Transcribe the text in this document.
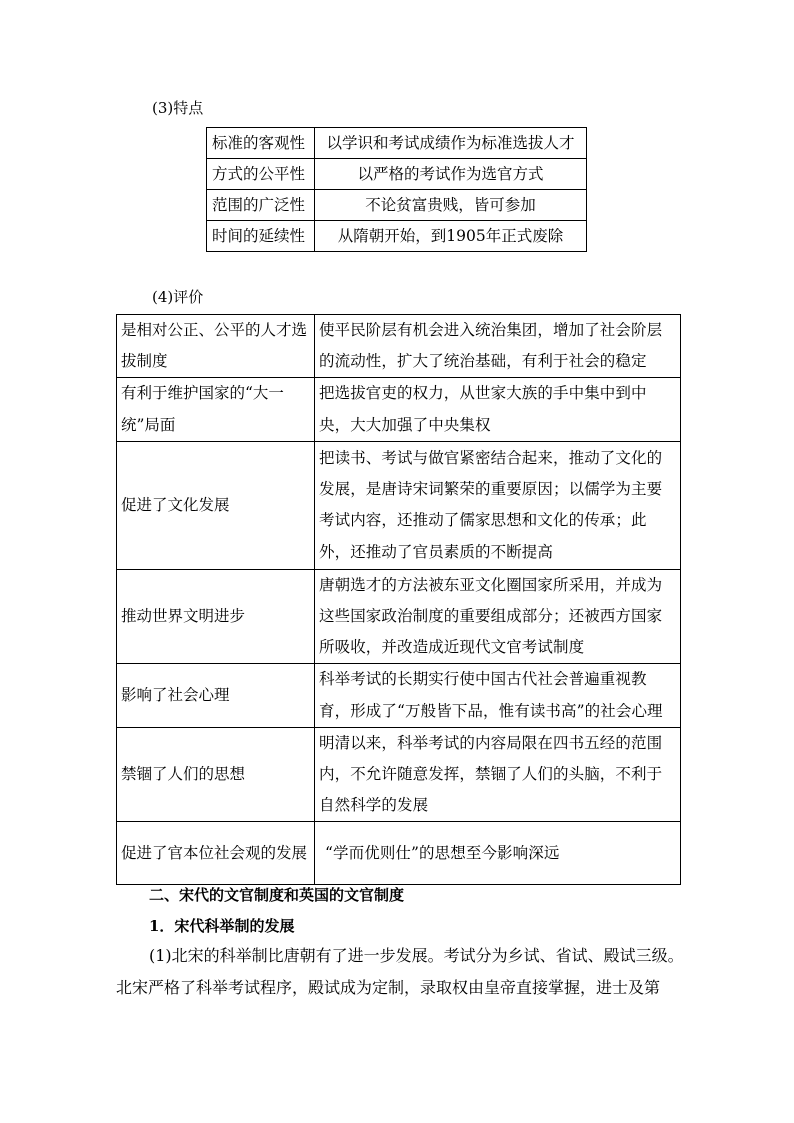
(3)特点
标准的客观性	以学识和考试成绩作为标准选拔人才
方式的公平性	以严格的考试作为选官方式
范围的广泛性	不论贫富贵贱，皆可参加
时间的延续性	从隋朝开始，到1905年正式废除
(4)评价
是相对公正、公平的人才选拔制度	使平民阶层有机会进入统治集团，增加了社会阶层的流动性，扩大了统治基础，有利于社会的稳定
有利于维护国家的“大一统”局面	把选拔官吏的权力，从世家大族的手中集中到中央，大大加强了中央集权
促进了文化发展	把读书、考试与做官紧密结合起来，推动了文化的发展，是唐诗宋词繁荣的重要原因；以儒学为主要考试内容，还推动了儒家思想和文化的传承；此外，还推动了官员素质的不断提高
推动世界文明进步	唐朝选才的方法被东亚文化圈国家所采用，并成为这些国家政治制度的重要组成部分；还被西方国家所吸收，并改造成近现代文官考试制度
影响了社会心理	科举考试的长期实行使中国古代社会普遍重视教育，形成了“万般皆下品，惟有读书高”的社会心理
禁锢了人们的思想	明清以来，科举考试的内容局限在四书五经的范围内，不允许随意发挥，禁锢了人们的头脑，不利于自然科学的发展
促进了官本位社会观的发展	“学而优则仕”的思想至今影响深远
二、宋代的文官制度和英国的文官制度
1．宋代科举制的发展
(1)北宋的科举制比唐朝有了进一步发展。考试分为乡试、省试、殿试三级。北宋严格了科举考试程序，殿试成为定制，录取权由皇帝直接掌握，进士及第
